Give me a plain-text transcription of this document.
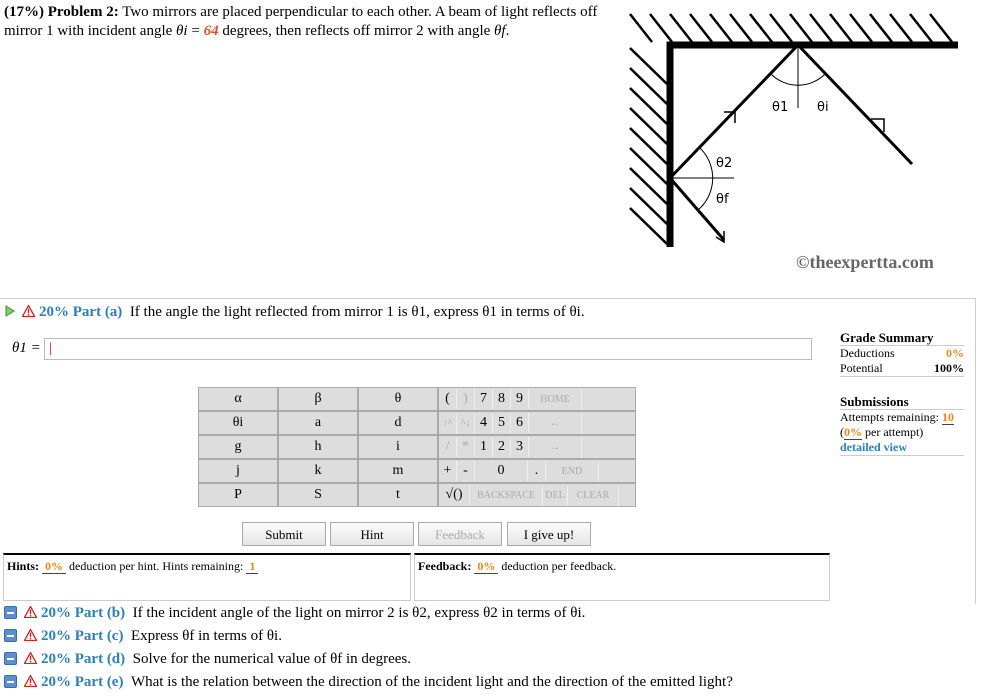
(17%) Problem 2: Two mirrors are placed perpendicular to each other. A beam of light reflects off mirror 1 with incident angle θi = 64 degrees, then reflects off mirror 2 with angle θf.
θ1 θi
θ2
θf
©theexpertta.com
20% Part (a) If the angle the light reflected from mirror 1 is θ1, express θ1 in terms of θi.
θ1 =
|
α	β	θ	( ) 7 8 9 HOME
θi	a	d	↑^ ^↓ 4 5 6 ←
g	h	i	/ * 1 2 3 →
j	k	m	+ - 0 . END
P	S	t	√() BACKSPACE DEL CLEAR
Submit	Hint	Feedback	I give up!
Hints: 0% deduction per hint. Hints remaining: 1	Feedback: 0% deduction per feedback.
Grade Summary
Deductions	0%
Potential	100%
Submissions
Attempts remaining: 10
(0% per attempt)
detailed view
20% Part (b) If the incident angle of the light on mirror 2 is θ2, express θ2 in terms of θi.
20% Part (c) Express θf in terms of θi.
20% Part (d) Solve for the numerical value of θf in degrees.
20% Part (e) What is the relation between the direction of the incident light and the direction of the emitted light?
